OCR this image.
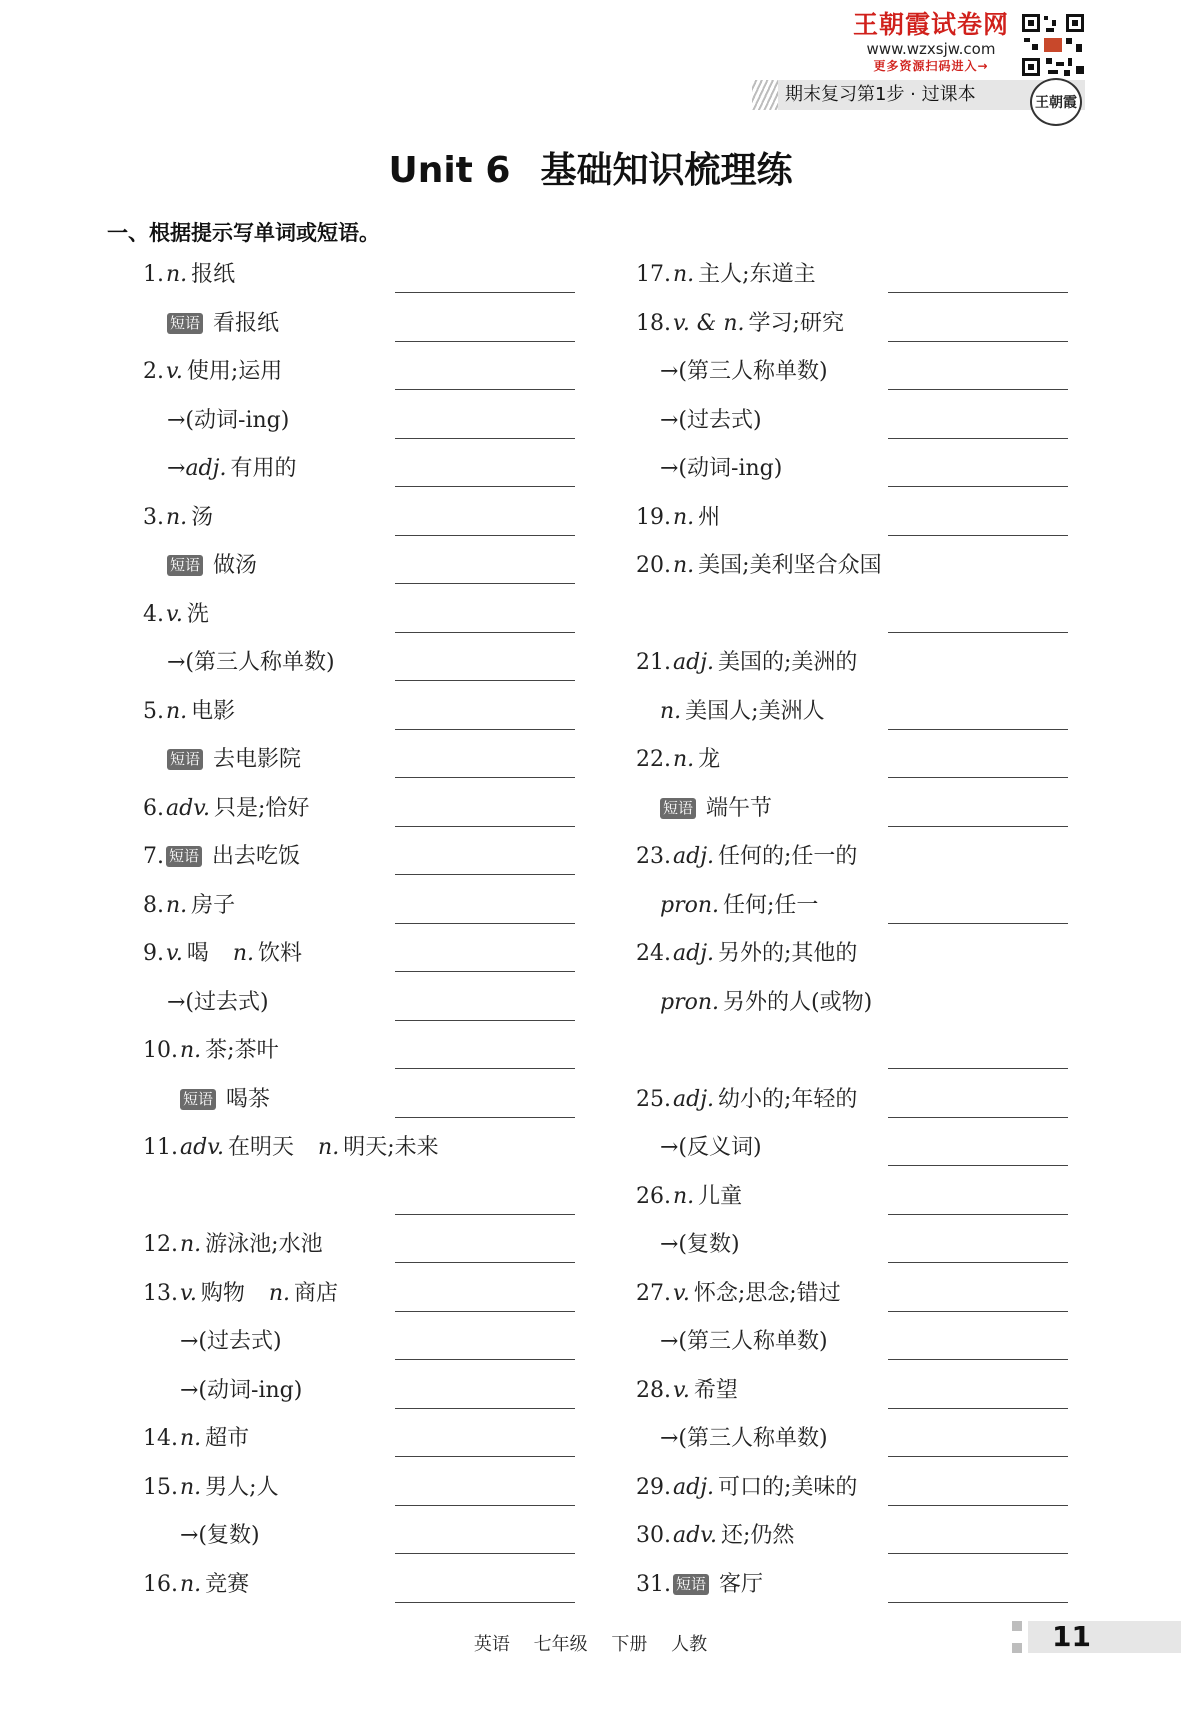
王朝霞试卷网
www.wzxsjw.com
更多资源扫码进入→
期末复习第1步 · 过课本	王朝霞
Unit 6 基础知识梳理练
一、根据提示写单词或短语。
1.n. 报纸
短语 看报纸
2.v. 使用;运用
→(动词-ing)
→adj. 有用的
3.n. 汤
短语 做汤
4.v. 洗
→(第三人称单数)
5.n. 电影
短语 去电影院
6.adv. 只是;恰好
7. 短语 出去吃饭
8.n. 房子
9.v. 喝 n. 饮料
→(过去式)
10.n. 茶;茶叶
短语 喝茶
11.adv. 在明天 n. 明天;未来
12.n. 游泳池;水池
13.v. 购物 n. 商店
→(过去式)
→(动词-ing)
14.n. 超市
15.n. 男人;人
→(复数)
16.n. 竞赛
17.n. 主人;东道主
18.v. & n. 学习;研究
→(第三人称单数)
→(过去式)
→(动词-ing)
19.n. 州
20.n. 美国;美利坚合众国
21.adj. 美国的;美洲的
n. 美国人;美洲人
22.n. 龙
短语 端午节
23.adj. 任何的;任一的
pron. 任何;任一
24.adj. 另外的;其他的
pron. 另外的人(或物)
25.adj. 幼小的;年轻的
→(反义词)
26.n. 儿童
→(复数)
27.v. 怀念;思念;错过
→(第三人称单数)
28.v. 希望
→(第三人称单数)
29.adj. 可口的;美味的
30.adv. 还;仍然
31. 短语 客厅
英语 七年级 下册 人教	11
